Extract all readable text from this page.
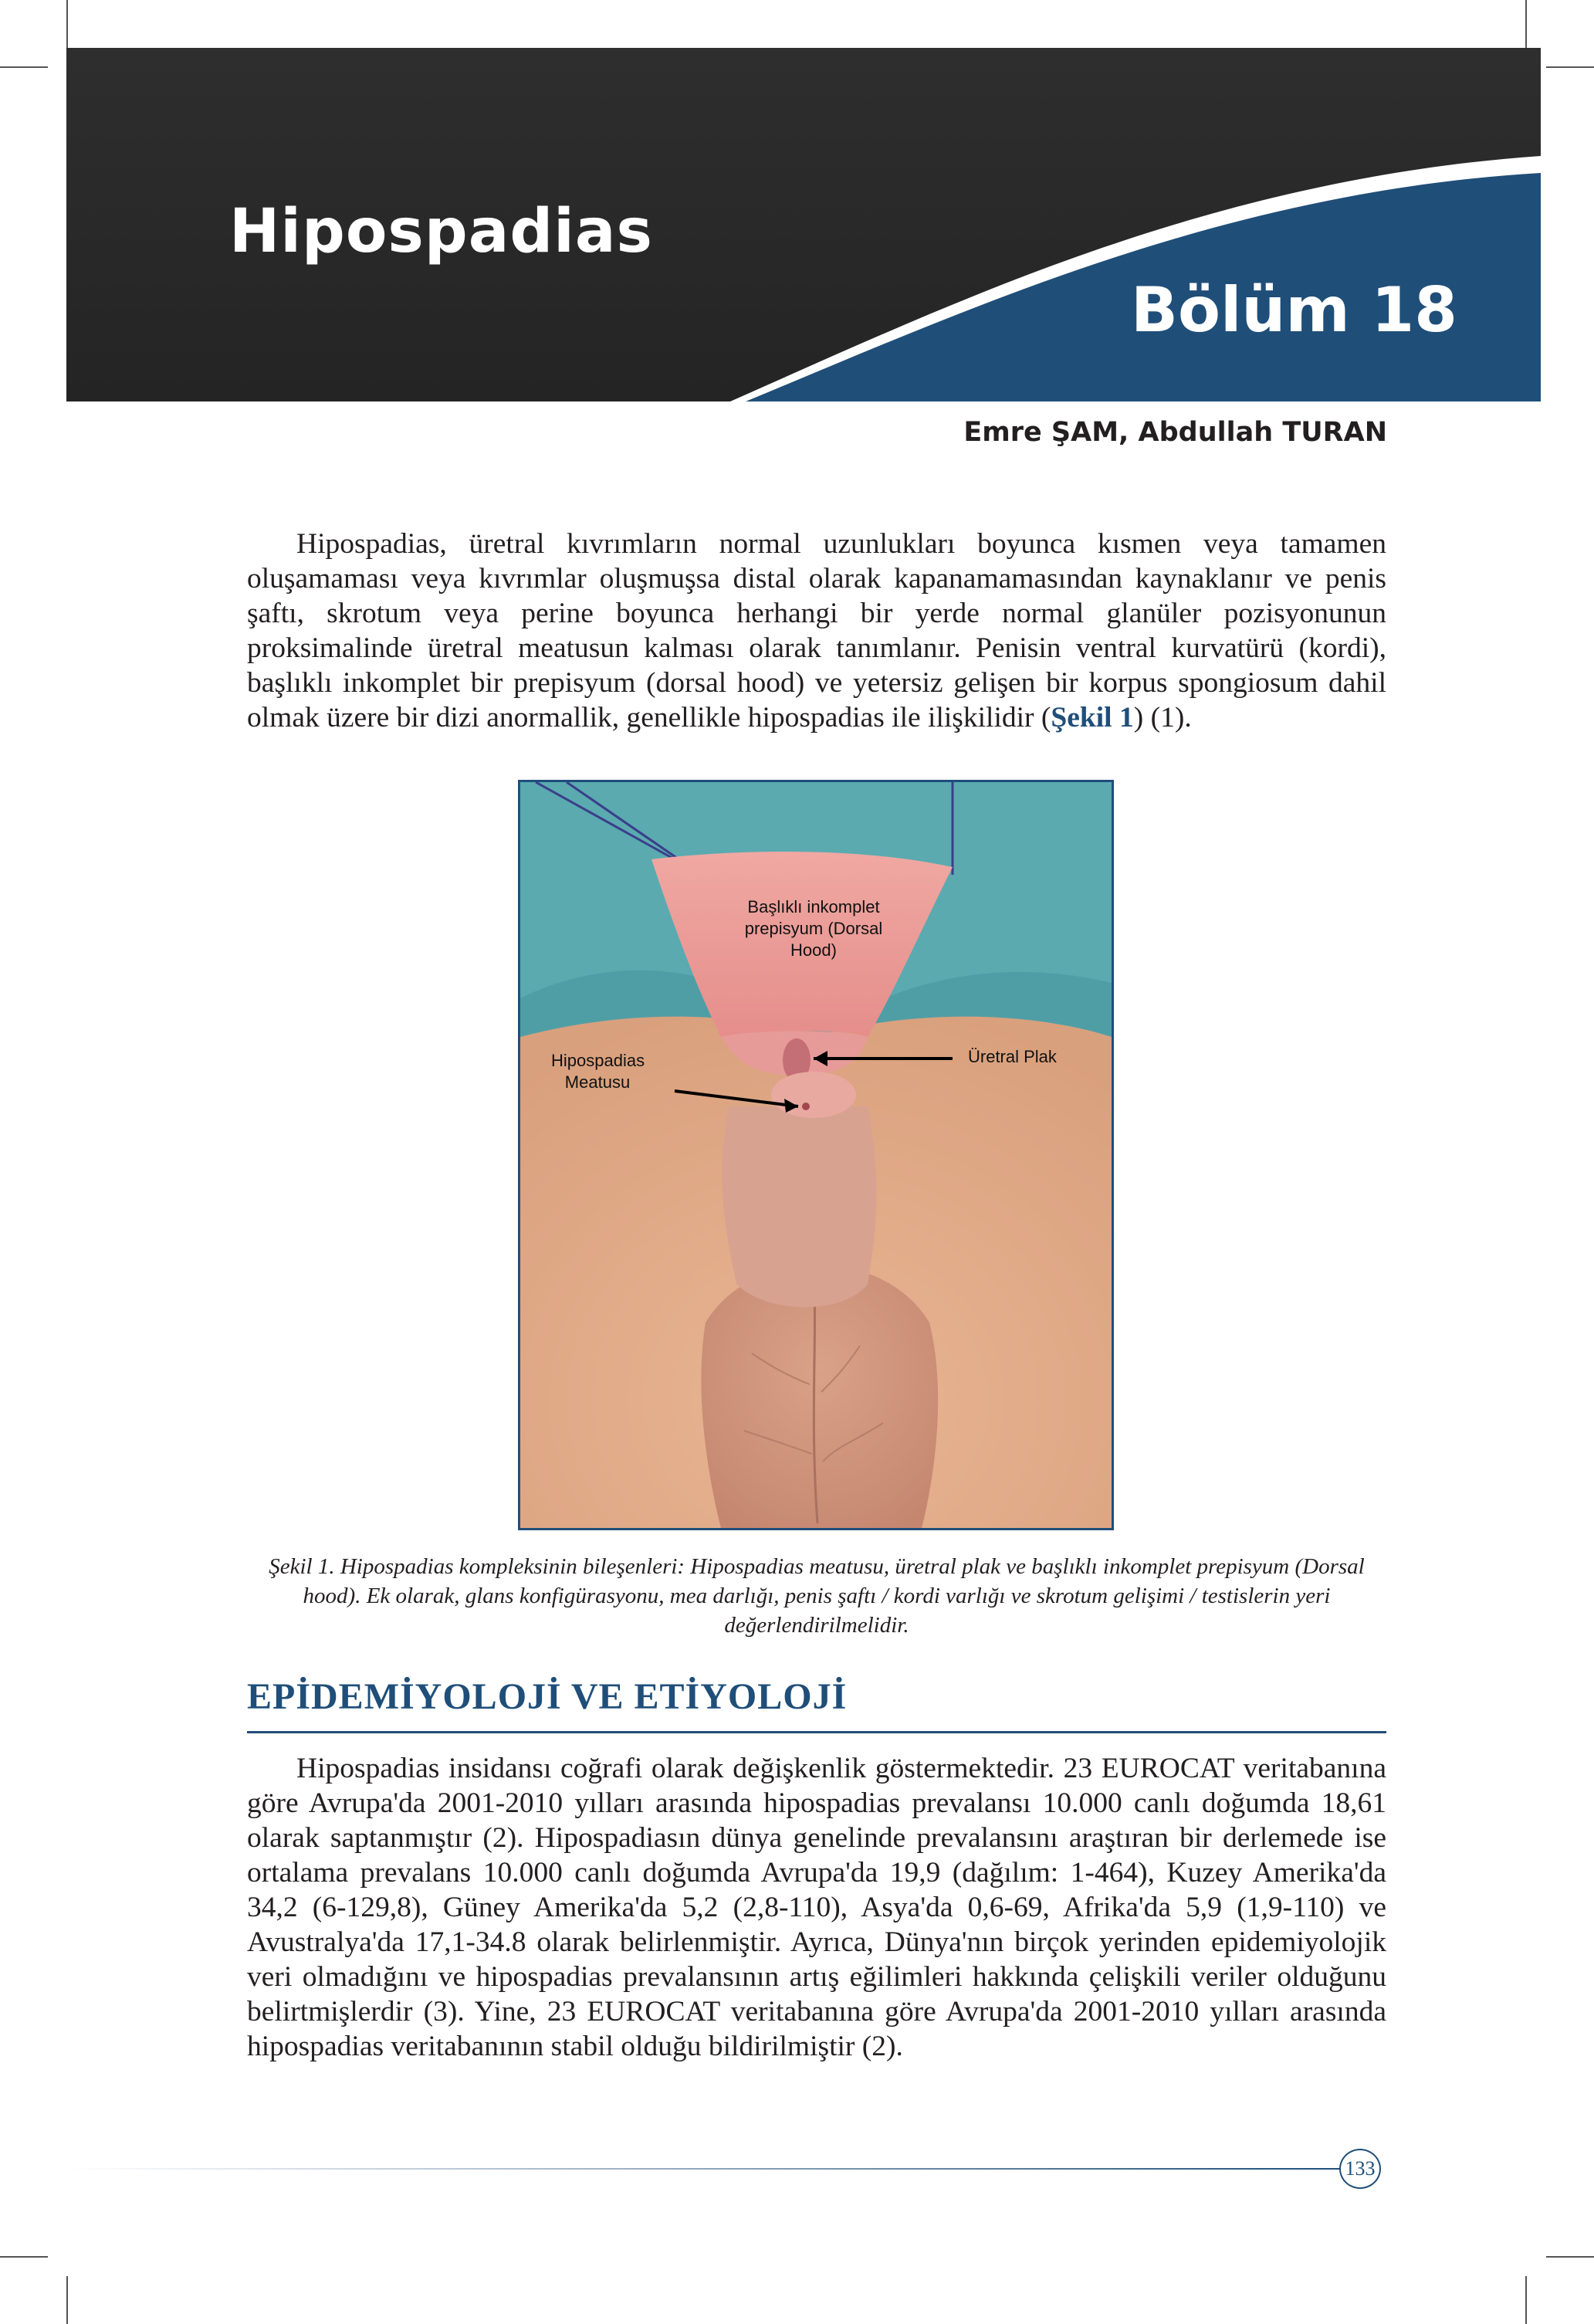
Hipospadias
Bölüm 18
Emre ŞAM, Abdullah TURAN

Hipospadias, üretral kıvrımların normal uzunlukları boyunca kısmen veya tamamen oluşamaması veya kıvrımlar oluşmuşsa distal olarak kapanamamasından kaynaklanır ve penis şaftı, skrotum veya perine boyunca herhangi bir yerde normal glanüler pozisyonunun proksimalinde üretral meatusun kalması olarak tanımlanır. Penisin ventral kurvatürü (kordi), başlıklı inkomplet bir prepisyum (dorsal hood) ve yetersiz gelişen bir korpus spongiosum dahil olmak üzere bir dizi anormallik, genellikle hipospadias ile ilişkilidir (Şekil 1) (1).

Başlıklı inkomplet prepisyum (Dorsal Hood)
Hipospadias Meatusu
Üretral Plak
Şekil 1. Hipospadias kompleksinin bileşenleri: Hipospadias meatusu, üretral plak ve başlıklı inkomplet prepisyum (Dorsal hood). Ek olarak, glans konfigürasyonu, mea darlığı, penis şaftı / kordi varlığı ve skrotum gelişimi / testislerin yeri değerlendirilmelidir.
EPİDEMİYOLOJİ VE ETİYOLOJİ

Hipospadias insidansı coğrafi olarak değişkenlik göstermektedir. 23 EUROCAT veritabanına göre Avrupa'da 2001-2010 yılları arasında hipospadias prevalansı 10.000 canlı doğumda 18,61 olarak saptanmıştır (2). Hipospadiasın dünya genelinde prevalansını araştıran bir derlemede ise ortalama prevalans 10.000 canlı doğumda Avrupa'da 19,9 (dağılım: 1-464), Kuzey Amerika'da 34,2 (6-129,8), Güney Amerika'da 5,2 (2,8-110), Asya'da 0,6-69, Afrika'da 5,9 (1,9-110) ve Avustralya'da 17,1-34.8 olarak belirlenmiştir. Ayrıca, Dünya'nın birçok yerinden epidemiyolojik veri olmadığını ve hipospadias prevalansının artış eğilimleri hakkında çelişkili veriler olduğunu belirtmişlerdir (3). Yine, 23 EUROCAT veritabanına göre Avrupa'da 2001-2010 yılları arasında hipospadias veritabanının stabil olduğu bildirilmiştir (2).

133
